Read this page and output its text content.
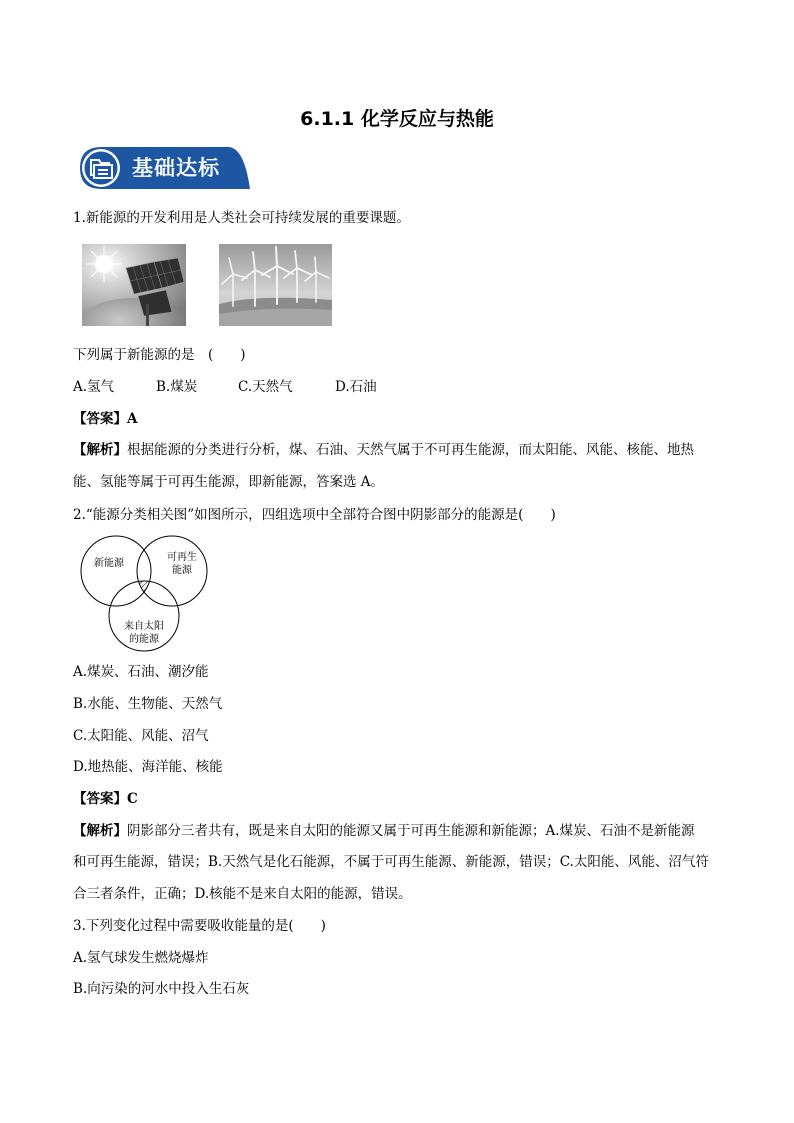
6.1.1 化学反应与热能
基础达标
1.新能源的开发利用是人类社会可持续发展的重要课题。
下列属于新能源的是　(　　)
A.氢气	B.煤炭	C.天然气	D.石油
【答案】A
【解析】根据能源的分类进行分析，煤、石油、天然气属于不可再生能源，而太阳能、风能、核能、地热
能、氢能等属于可再生能源，即新能源，答案选 A。
2.“能源分类相关图”如图所示，四组选项中全部符合图中阴影部分的能源是(　　)
新能源
可再生
能源
来自太阳
的能源
A.煤炭、石油、潮汐能
B.水能、生物能、天然气
C.太阳能、风能、沼气
D.地热能、海洋能、核能
【答案】C
【解析】阴影部分三者共有，既是来自太阳的能源又属于可再生能源和新能源；A.煤炭、石油不是新能源
和可再生能源，错误；B.天然气是化石能源，不属于可再生能源、新能源，错误；C.太阳能、风能、沼气符
合三者条件，正确；D.核能不是来自太阳的能源，错误。
3.下列变化过程中需要吸收能量的是(　　)
A.氢气球发生燃烧爆炸
B.向污染的河水中投入生石灰
